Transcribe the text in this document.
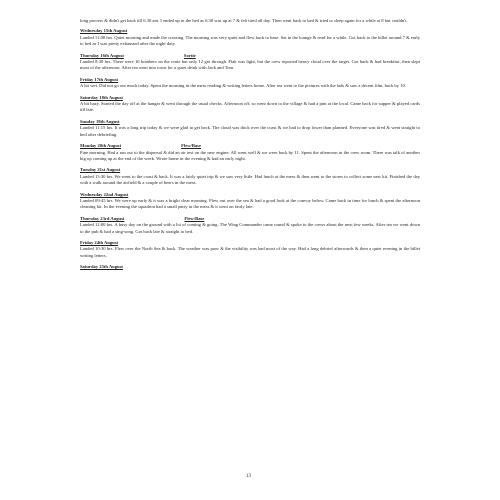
long process & didn't get back till 6.30 am. I ended up in the bed as 6.30 was up at 7 & felt tired all day. Then went back to bed & tried to sleep again for a while at 8 but couldn't.

Wednesday 15th August

Landed 11:00 hrs. Quiet morning and made the crossing. The morning was very quiet and flew back to base. Sat in the lounge & read for a while. Got back to the billet around 7 & early to bed as I was pretty exhausted after the night duty.

Thursday 16th August	Sortie

Landed 8:30 hrs. There were 16 bombers on the route but only 12 got through. Flak was light, but the crew reported heavy cloud over the target. Got back & had breakfast, then slept most of the afternoon. After tea went into town for a quiet drink with Jack and Tom.

Friday 17th August

A bit wet. Did not go out much today. Spent the morning in the mess reading & writing letters home. After tea went to the pictures with the lads & saw a decent film, back by 10.

Saturday 18th August

A bit hazy. Started the day off at the hangar & went through the usual checks. Afternoon off, so went down to the village & had a pint at the local. Came back for supper & played cards till late.

Sunday 19th August

Landed 11:15 hrs. It was a long trip today & we were glad to get back. The cloud was thick over the coast & we had to drop lower than planned. Everyone was tired & went straight to bed after debriefing.

Monday 20th August	Flew/Base

Fine morning. Had a run out to the dispersal & did an air test on the new engine. All went well & we were back by 11. Spent the afternoon in the crew room. There was talk of another big op coming up at the end of the week. Wrote home in the evening & had an early night.

Tuesday 21st August

Landed 13:30 hrs. We went to the coast & back. It was a fairly quiet trip & we saw very little. Had lunch at the mess & then went to the stores to collect some new kit. Finished the day with a walk around the airfield & a couple of beers in the mess.

Wednesday 22nd August

Landed 09:45 hrs. We were up early & it was a bright clear morning. Flew out over the sea & had a good look at the convoy below. Came back in time for lunch & spent the afternoon cleaning kit. In the evening the squadron had a small party in the mess & it went on fairly late.

Thursday 23rd August	Flew/Base

Landed 12:00 hrs. A busy day on the ground with a lot of coming & going. The Wing Commander came round & spoke to the crews about the next few weeks. After tea we went down to the pub & had a sing-song. Got back late & straight to bed.

Friday 24th August

Landed 10:30 hrs. Flew over the North Sea & back. The weather was poor & the visibility was bad most of the way. Had a long debrief afterwards & then a quiet evening in the billet writing letters.

Saturday 25th August

13
